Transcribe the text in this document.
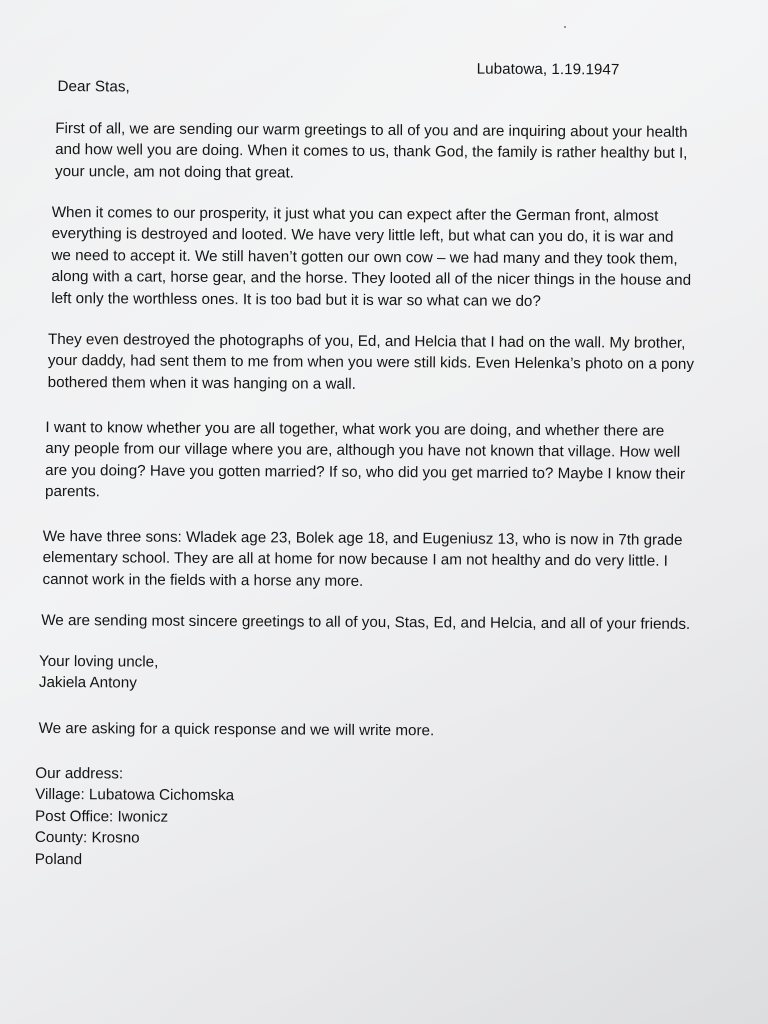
Lubatowa, 1.19.1947
Dear Stas,
First of all, we are sending our warm greetings to all of you and are inquiring about your health
and how well you are doing. When it comes to us, thank God, the family is rather healthy but I,
your uncle, am not doing that great.
When it comes to our prosperity, it just what you can expect after the German front, almost
everything is destroyed and looted. We have very little left, but what can you do, it is war and
we need to accept it. We still haven’t gotten our own cow – we had many and they took them,
along with a cart, horse gear, and the horse. They looted all of the nicer things in the house and
left only the worthless ones. It is too bad but it is war so what can we do?
They even destroyed the photographs of you, Ed, and Helcia that I had on the wall. My brother,
your daddy, had sent them to me from when you were still kids. Even Helenka’s photo on a pony
bothered them when it was hanging on a wall.
I want to know whether you are all together, what work you are doing, and whether there are
any people from our village where you are, although you have not known that village. How well
are you doing? Have you gotten married? If so, who did you get married to? Maybe I know their
parents.
We have three sons: Wladek age 23, Bolek age 18, and Eugeniusz 13, who is now in 7th grade
elementary school. They are all at home for now because I am not healthy and do very little. I
cannot work in the fields with a horse any more.
We are sending most sincere greetings to all of you, Stas, Ed, and Helcia, and all of your friends.
Your loving uncle,
Jakiela Antony
We are asking for a quick response and we will write more.
Our address:
Village: Lubatowa Cichomska
Post Office: Iwonicz
County: Krosno
Poland
